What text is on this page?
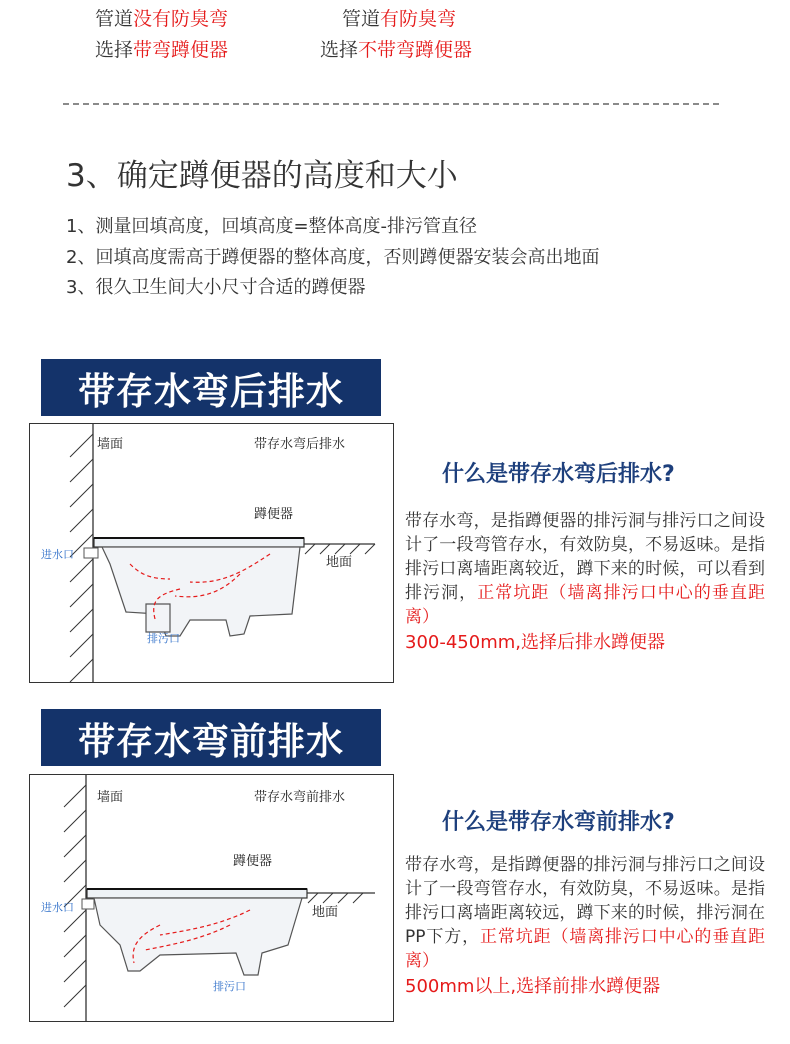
管道没有防臭弯
选择带弯蹲便器
管道有防臭弯
选择不带弯蹲便器
3、确定蹲便器的高度和大小
1、测量回填高度，回填高度=整体高度-排污管直径
2、回填高度需高于蹲便器的整体高度，否则蹲便器安装会高出地面
3、很久卫生间大小尺寸合适的蹲便器
带存水弯后排水
墙面	带存水弯后排水
蹲便器
地面
进水口
排污口
什么是带存水弯后排水?
带存水弯，是指蹲便器的排污洞与排污口之间设计了一段弯管存水，有效防臭，不易返味。是指排污口离墙距离较近，蹲下来的时候，可以看到排污洞，正常坑距（墙离排污口中心的垂直距离）
300-450mm,选择后排水蹲便器
带存水弯前排水
墙面	带存水弯前排水
蹲便器
地面
进水口
排污口
什么是带存水弯前排水?
带存水弯，是指蹲便器的排污洞与排污口之间设计了一段弯管存水，有效防臭，不易返味。是指排污口离墙距离较远，蹲下来的时候，排污洞在PP下方，正常坑距（墙离排污口中心的垂直距离）
500mm以上,选择前排水蹲便器
